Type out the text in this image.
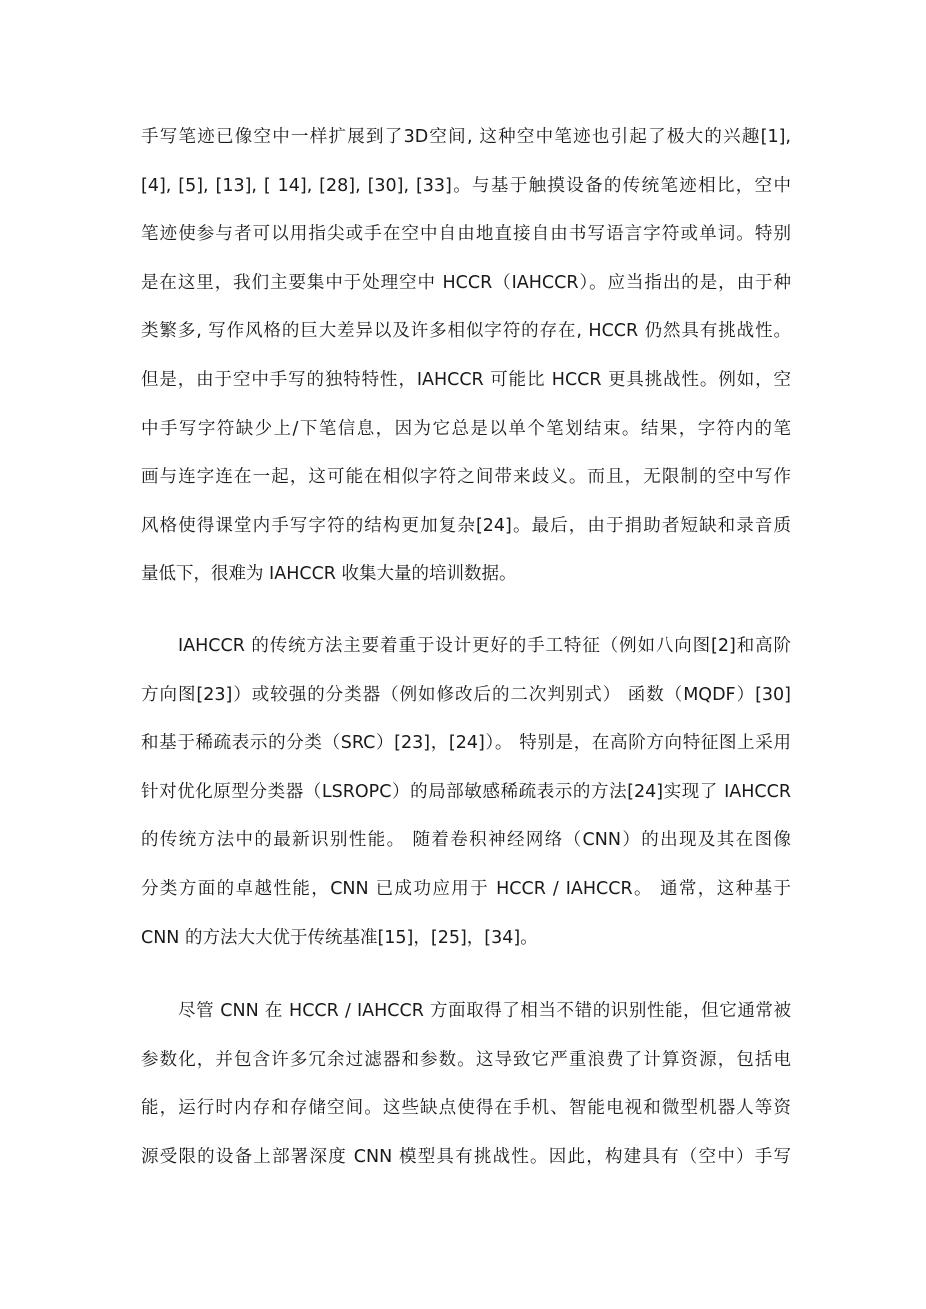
手写笔迹已像空中一样扩展到了3D空间, 这种空中笔迹也引起了极大的兴趣[1],
[4], [5], [13], [ 14], [28], [30], [33]。与基于触摸设备的传统笔迹相比，空中
笔迹使参与者可以用指尖或手在空中自由地直接自由书写语言字符或单词。特别
是在这里，我们主要集中于处理空中 HCCR（IAHCCR）。应当指出的是，由于种
类繁多, 写作风格的巨大差异以及许多相似字符的存在, HCCR 仍然具有挑战性。
但是，由于空中手写的独特特性，IAHCCR 可能比 HCCR 更具挑战性。例如，空
中手写字符缺少上/下笔信息，因为它总是以单个笔划结束。结果，字符内的笔
画与连字连在一起，这可能在相似字符之间带来歧义。而且，无限制的空中写作
风格使得课堂内手写字符的结构更加复杂[24]。最后，由于捐助者短缺和录音质
量低下，很难为 IAHCCR 收集大量的培训数据。
IAHCCR 的传统方法主要着重于设计更好的手工特征（例如八向图[2]和高阶
方向图[23]）或较强的分类器（例如修改后的二次判别式） 函数（MQDF）[30]
和基于稀疏表示的分类（SRC）[23]，[24]）。 特别是，在高阶方向特征图上采用
针对优化原型分类器（LSROPC）的局部敏感稀疏表示的方法[24]实现了 IAHCCR
的传统方法中的最新识别性能。 随着卷积神经网络（CNN）的出现及其在图像
分类方面的卓越性能，CNN 已成功应用于 HCCR / IAHCCR。 通常，这种基于
CNN 的方法大大优于传统基准[15]，[25]，[34]。
尽管 CNN 在 HCCR / IAHCCR 方面取得了相当不错的识别性能，但它通常被
参数化，并包含许多冗余过滤器和参数。这导致它严重浪费了计算资源，包括电
能，运行时内存和存储空间。这些缺点使得在手机、智能电视和微型机器人等资
源受限的设备上部署深度 CNN 模型具有挑战性。因此，构建具有（空中）手写
